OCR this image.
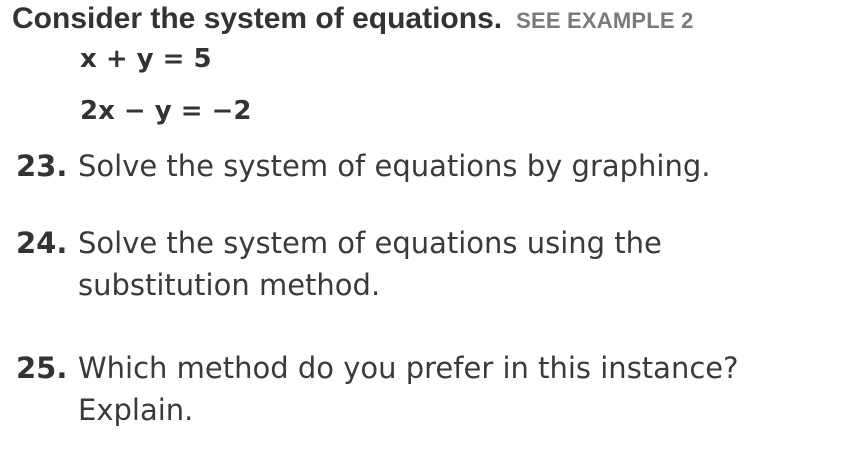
Consider the system of equations. SEE EXAMPLE 2
x + y = 5
2x − y = −2
23. Solve the system of equations by graphing.
24. Solve the system of equations using the
substitution method.
25. Which method do you prefer in this instance?
Explain.
